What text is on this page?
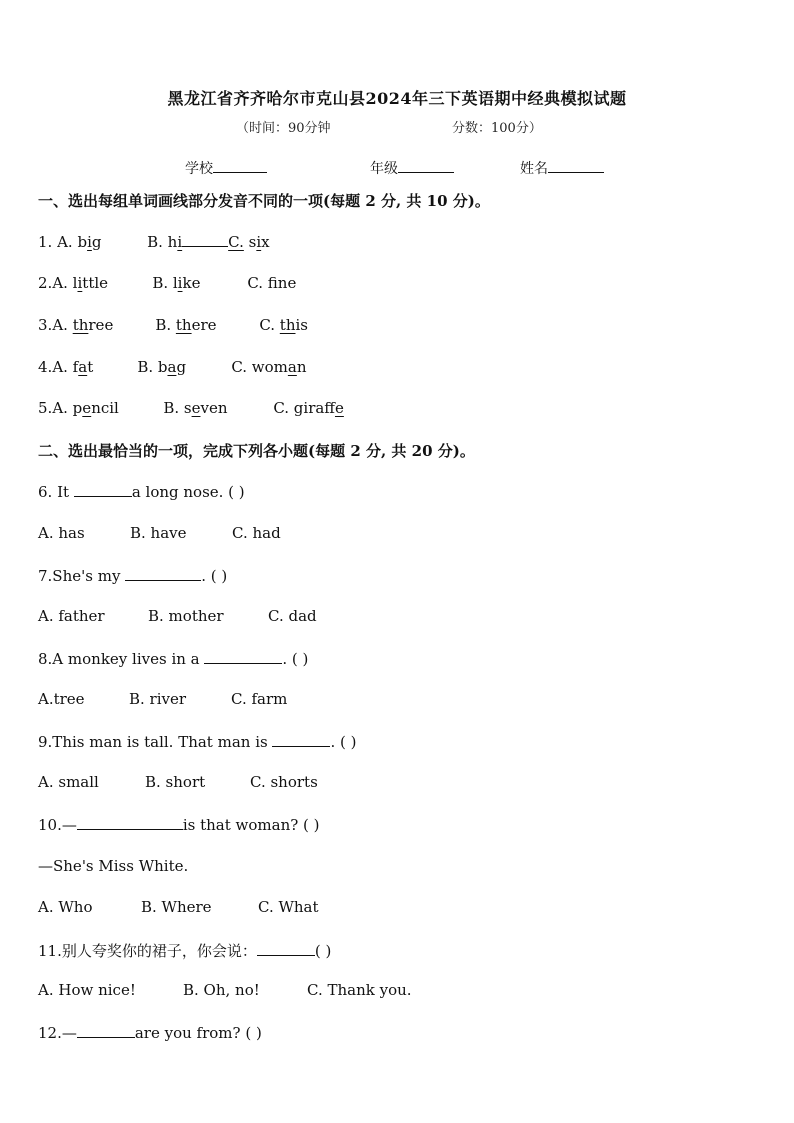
黑龙江省齐齐哈尔市克山县2024年三下英语期中经典模拟试题
（时间：90分钟	分数：100分）
学校	年级	姓名
一、选出每组单词画线部分发音不同的一项(每题 2 分, 共 10 分)。
1. A. big	B. hi	C. six
2.A. little	B. like	C. fne
3.A. three	B. there	C. this
4.A. fat	B. bag	C. woman
5.A. pencil	B. seven	C. giraffe
二、选出最恰当的一项，完成下列各小题(每题 2 分, 共 20 分)。
6. It	a long nose. ( )
A. has	B. have	C. had
7.She's my	. ( )
A. father	B. mother	C. dad
8.A monkey lives in a	. ( )
A.tree	B. river	C. farm
9.This man is tall. That man is	. ( )
A. small	B. short	C. shorts
10.—	is that woman? ( )
—She's Miss White.
A. Who	B. Where	C. What
11.别人夸奖你的裙子，你会说：	( )
A. How nice!	B. Oh, no!	C. Thank you.
12.—	are you from? ( )
